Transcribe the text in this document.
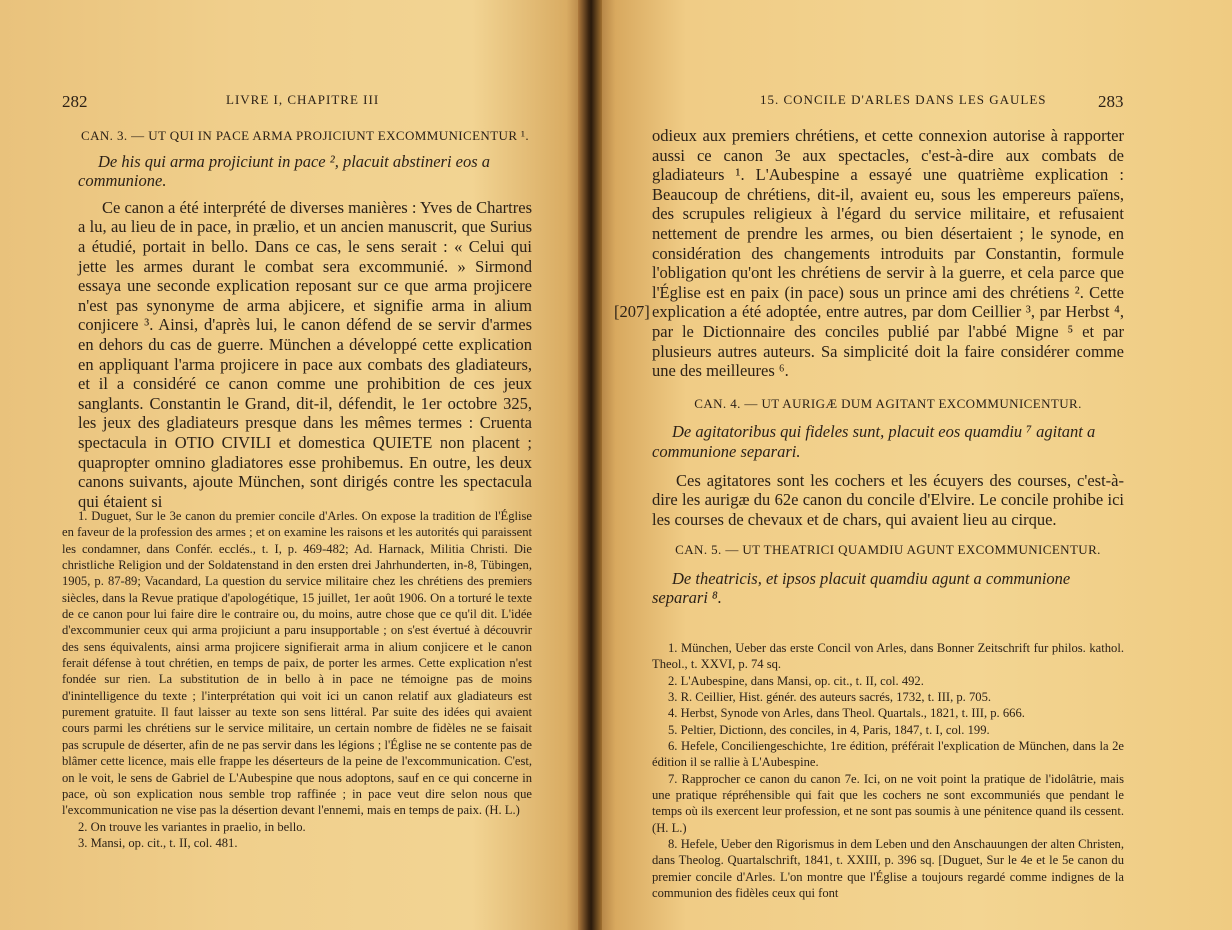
282	LIVRE I, CHAPITRE III

CAN. 3. — UT QUI IN PACE ARMA PROJICIUNT EXCOMMUNICENTUR ¹.

De his qui arma projiciunt in pace ², placuit abstineri eos a communione.

Ce canon a été interprété de diverses manières : Yves de Chartres a lu, au lieu de in pace, in prælio, et un ancien manuscrit, que Surius a étudié, portait in bello. Dans ce cas, le sens serait : « Celui qui jette les armes durant le combat sera excommunié. » Sirmond essaya une seconde explication reposant sur ce que arma projicere n'est pas synonyme de arma abjicere, et signifie arma in alium conjicere ³. Ainsi, d'après lui, le canon défend de se servir d'armes en dehors du cas de guerre. München a développé cette explication en appliquant l'arma projicere in pace aux combats des gladiateurs, et il a considéré ce canon comme une prohibition de ces jeux sanglants. Constantin le Grand, dit-il, défendit, le 1er octobre 325, les jeux des gladiateurs presque dans les mêmes termes : Cruenta spectacula in OTIO CIVILI et domestica QUIETE non placent ; quapropter omnino gladiatores esse prohibemus. En outre, les deux canons suivants, ajoute München, sont dirigés contre les spectacula qui étaient si

1. Duguet, Sur le 3e canon du premier concile d'Arles. On expose la tradition de l'Église en faveur de la profession des armes ; et on examine les raisons et les autorités qui paraissent les condamner, dans Confér. ecclés., t. I, p. 469-482; Ad. Harnack, Militia Christi. Die christliche Religion und der Soldatenstand in den ersten drei Jahrhunderten, in-8, Tübingen, 1905, p. 87-89; Vacandard, La question du service militaire chez les chrétiens des premiers siècles, dans la Revue pratique d'apologétique, 15 juillet, 1er août 1906. On a torturé le texte de ce canon pour lui faire dire le contraire ou, du moins, autre chose que ce qu'il dit. L'idée d'excommunier ceux qui arma projiciunt a paru insupportable ; on s'est évertué à découvrir des sens équivalents, ainsi arma projicere signifierait arma in alium conjicere et le canon ferait défense à tout chrétien, en temps de paix, de porter les armes. Cette explication n'est fondée sur rien. La substitution de in bello à in pace ne témoigne pas de moins d'inintelligence du texte ; l'interprétation qui voit ici un canon relatif aux gladiateurs est purement gratuite. Il faut laisser au texte son sens littéral. Par suite des idées qui avaient cours parmi les chrétiens sur le service militaire, un certain nombre de fidèles ne se faisait pas scrupule de déserter, afin de ne pas servir dans les légions ; l'Église ne se contente pas de blâmer cette licence, mais elle frappe les déserteurs de la peine de l'excommunication. C'est, on le voit, le sens de Gabriel de L'Aubespine que nous adoptons, sauf en ce qui concerne in pace, où son explication nous semble trop raffinée ; in pace veut dire selon nous que l'excommunication ne vise pas la désertion devant l'ennemi, mais en temps de paix. (H. L.)

2. On trouve les variantes in praelio, in bello.

3. Mansi, op. cit., t. II, col. 481.

15. CONCILE D'ARLES DANS LES GAULES	283
[207]

odieux aux premiers chrétiens, et cette connexion autorise à rapporter aussi ce canon 3e aux spectacles, c'est-à-dire aux combats de gladiateurs ¹. L'Aubespine a essayé une quatrième explication : Beaucoup de chrétiens, dit-il, avaient eu, sous les empereurs païens, des scrupules religieux à l'égard du service militaire, et refusaient nettement de prendre les armes, ou bien désertaient ; le synode, en considération des changements introduits par Constantin, formule l'obligation qu'ont les chrétiens de servir à la guerre, et cela parce que l'Église est en paix (in pace) sous un prince ami des chrétiens ². Cette explication a été adoptée, entre autres, par dom Ceillier ³, par Herbst ⁴, par le Dictionnaire des conciles publié par l'abbé Migne ⁵ et par plusieurs autres auteurs. Sa simplicité doit la faire considérer comme une des meilleures ⁶.

CAN. 4. — UT AURIGÆ DUM AGITANT EXCOMMUNICENTUR.

De agitatoribus qui fideles sunt, placuit eos quamdiu ⁷ agitant a communione separari.

Ces agitatores sont les cochers et les écuyers des courses, c'est-à-dire les aurigæ du 62e canon du concile d'Elvire. Le concile prohibe ici les courses de chevaux et de chars, qui avaient lieu au cirque.

CAN. 5. — UT THEATRICI QUAMDIU AGUNT EXCOMMUNICENTUR.

De theatricis, et ipsos placuit quamdiu agunt a communione separari ⁸.

1. München, Ueber das erste Concil von Arles, dans Bonner Zeitschrift fur philos. kathol. Theol., t. XXVI, p. 74 sq.

2. L'Aubespine, dans Mansi, op. cit., t. II, col. 492.

3. R. Ceillier, Hist. génér. des auteurs sacrés, 1732, t. III, p. 705.

4. Herbst, Synode von Arles, dans Theol. Quartals., 1821, t. III, p. 666.

5. Peltier, Dictionn, des conciles, in 4, Paris, 1847, t. I, col. 199.

6. Hefele, Conciliengeschichte, 1re édition, préférait l'explication de München, dans la 2e édition il se rallie à L'Aubespine.

7. Rapprocher ce canon du canon 7e. Ici, on ne voit point la pratique de l'idolâtrie, mais une pratique répréhensible qui fait que les cochers ne sont excommuniés que pendant le temps où ils exercent leur profession, et ne sont pas soumis à une pénitence quand ils cessent. (H. L.)

8. Hefele, Ueber den Rigorismus in dem Leben und den Anschauungen der alten Christen, dans Theolog. Quartalschrift, 1841, t. XXIII, p. 396 sq. [Duguet, Sur le 4e et le 5e canon du premier concile d'Arles. L'on montre que l'Église a toujours regardé comme indignes de la communion des fidèles ceux qui font
